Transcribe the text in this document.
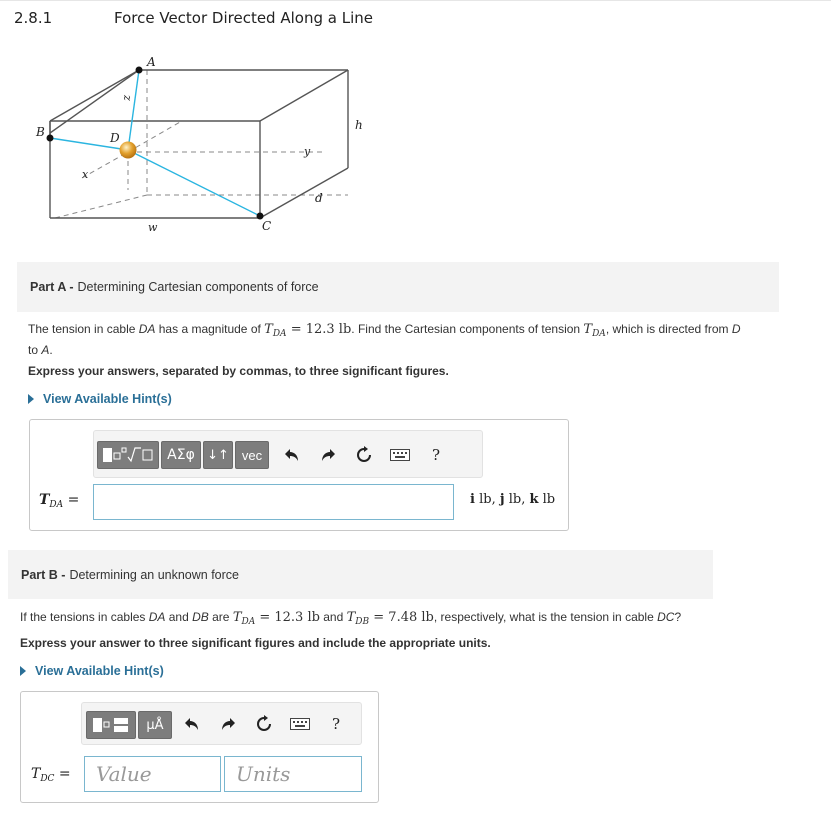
2.8.1	Force Vector Directed Along a Line
A
B
C
D
z
x
y
h
d
w
Part A - Determining Cartesian components of force
The tension in cable DA has a magnitude of $T_{DA} = 12.3$ lb. Find the Cartesian components of tension $T_{DA}$, which is directed from D
to A.
Express your answers, separated by commas, to three significant figures.
View Available Hint(s)
ΑΣφ ↓↑ vec	?
$T_{DA}$ =	i lb, j lb, k lb
Part B - Determining an unknown force
If the tensions in cables DA and DB are $T_{DA} = 12.3$ lb and $T_{DB} = 7.48$ lb, respectively, what is the tension in cable DC?
Express your answer to three significant figures and include the appropriate units.
View Available Hint(s)
μÅ	?
$T_{DC}$ =	Value	Units
